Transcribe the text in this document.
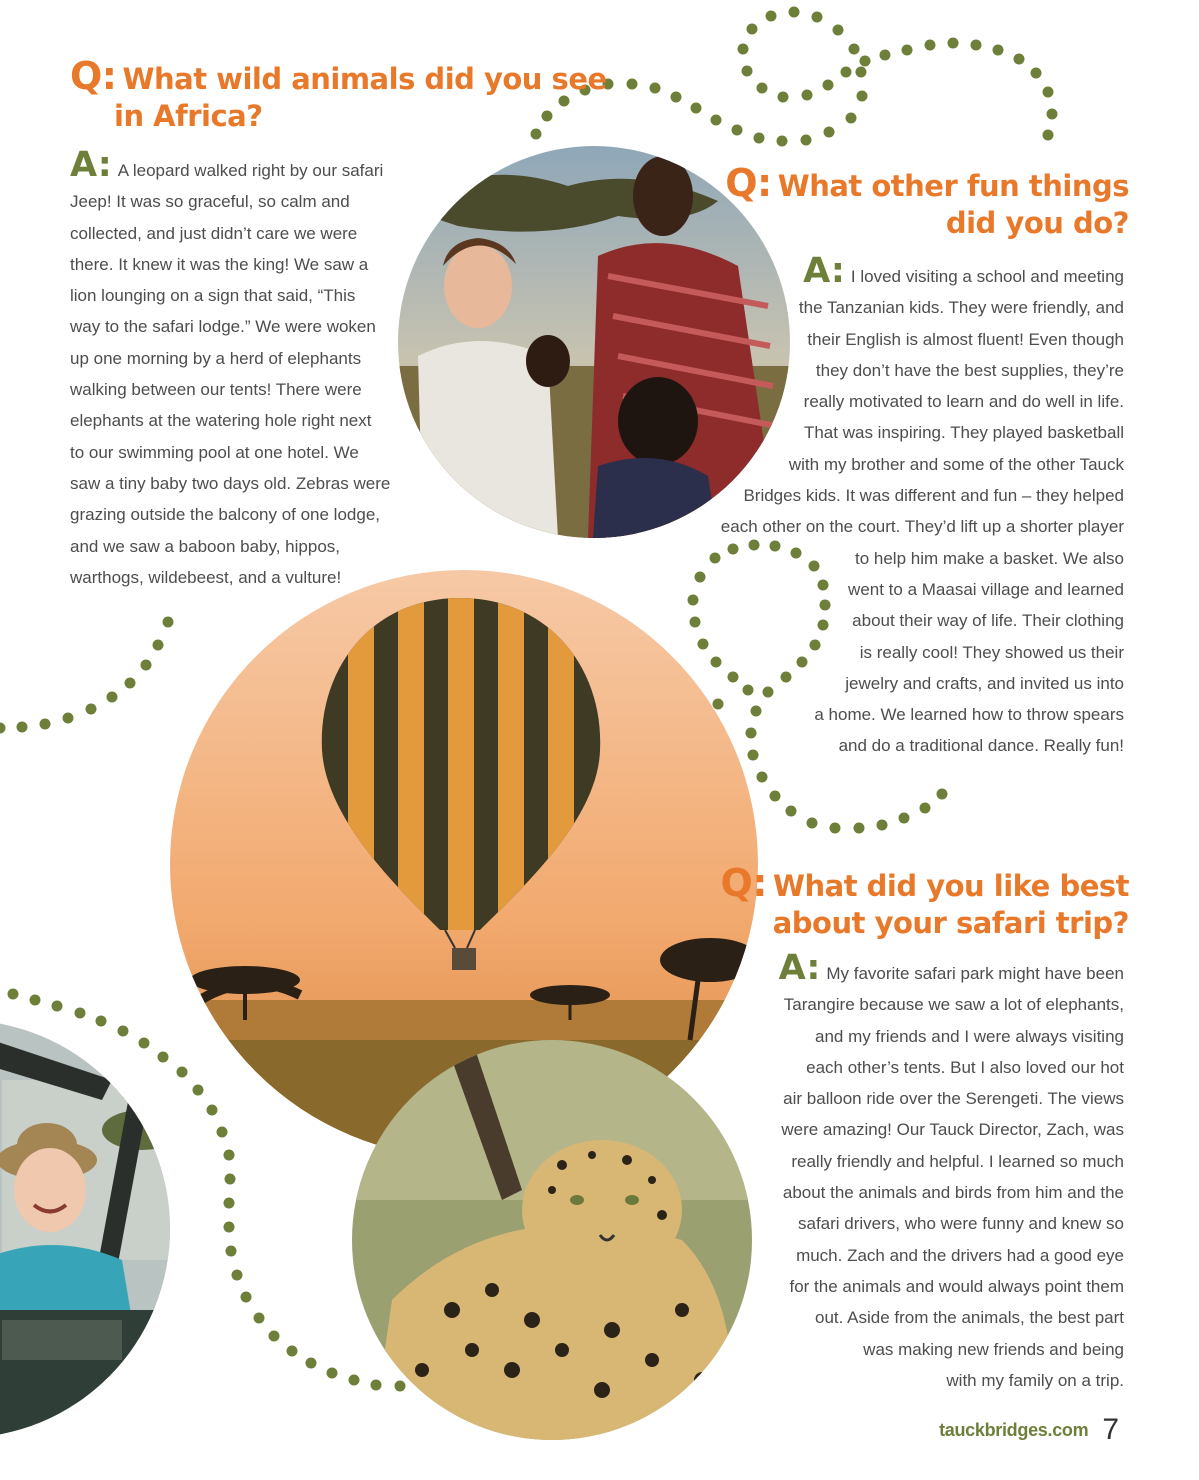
Q: What wild animals did you see
in Africa?
A: A leopard walked right by our safari
Jeep! It was so graceful, so calm and
collected, and just didn’t care we were
there. It knew it was the king! We saw a
lion lounging on a sign that said, “This
way to the safari lodge.” We were woken
up one morning by a herd of elephants
walking between our tents! There were
elephants at the watering hole right next
to our swimming pool at one hotel. We
saw a tiny baby two days old. Zebras were
grazing outside the balcony of one lodge,
and we saw a baboon baby, hippos,
warthogs, wildebeest, and a vulture!
Q: What other fun things
did you do?
A: I loved visiting a school and meeting
the Tanzanian kids. They were friendly, and
their English is almost fluent! Even though
they don’t have the best supplies, they’re
really motivated to learn and do well in life.
That was inspiring. They played basketball
with my brother and some of the other Tauck
Bridges kids. It was different and fun – they helped
each other on the court. They’d lift up a shorter player
to help him make a basket. We also
went to a Maasai village and learned
about their way of life. Their clothing
is really cool! They showed us their
jewelry and crafts, and invited us into
a home. We learned how to throw spears
and do a traditional dance. Really fun!
Q: What did you like best
about your safari trip?
A: My favorite safari park might have been
Tarangire because we saw a lot of elephants,
and my friends and I were always visiting
each other’s tents. But I also loved our hot
air balloon ride over the Serengeti. The views
were amazing! Our Tauck Director, Zach, was
really friendly and helpful. I learned so much
about the animals and birds from him and the
safari drivers, who were funny and knew so
much. Zach and the drivers had a good eye
for the animals and would always point them
out. Aside from the animals, the best part
was making new friends and being
with my family on a trip.
tauckbridges.com 7
